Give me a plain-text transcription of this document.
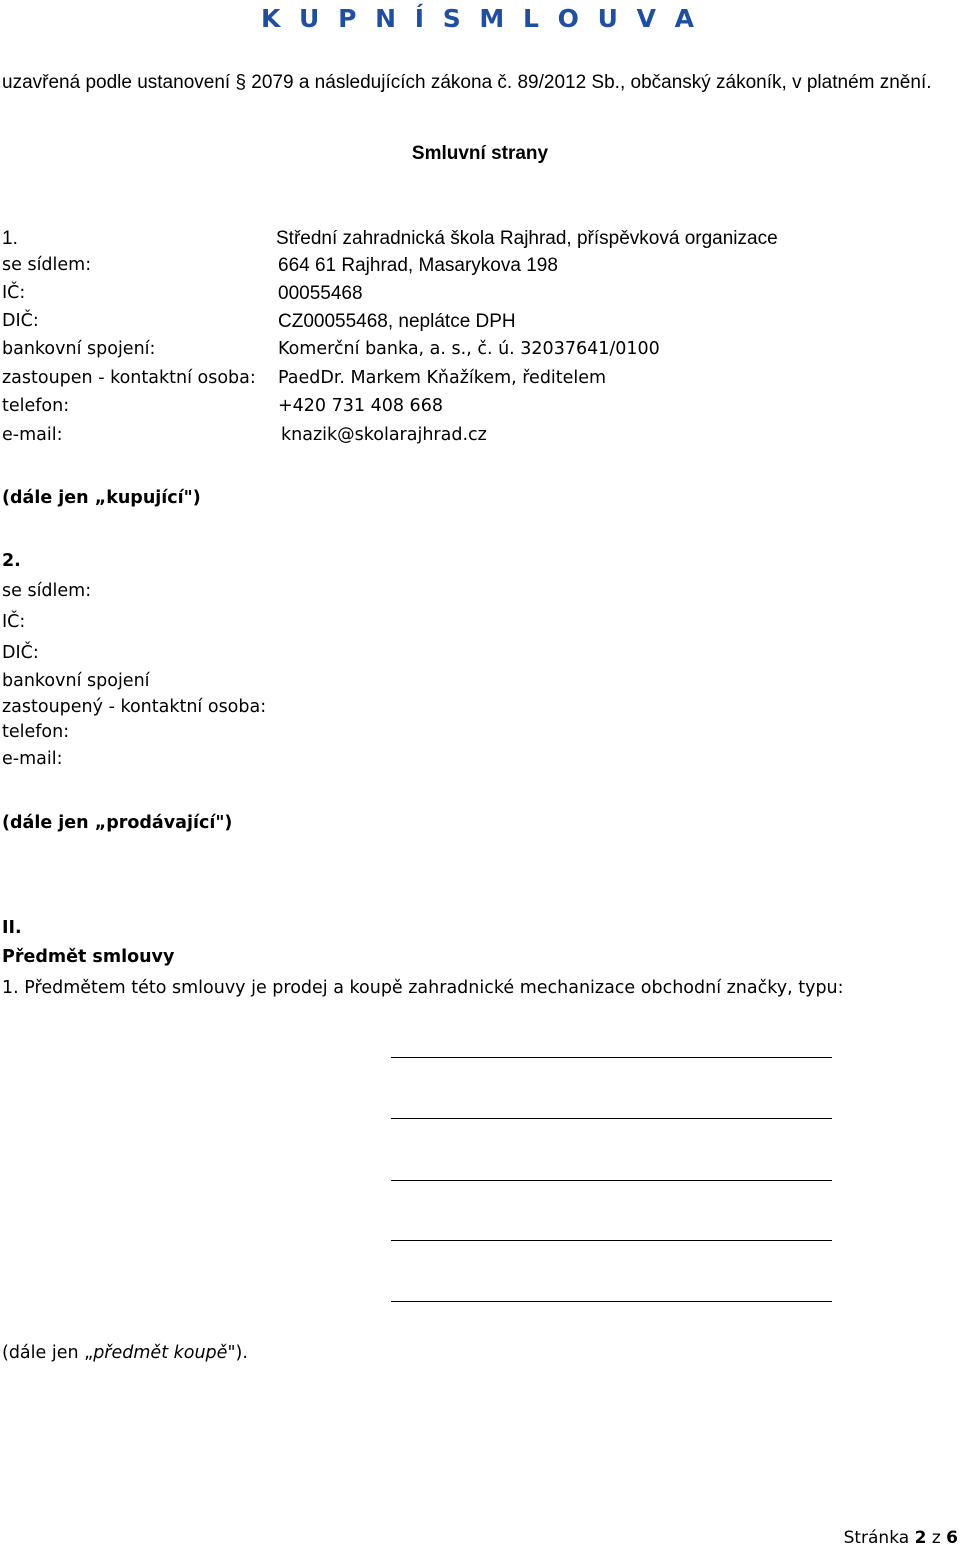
K U P N Í S M L O U V A
uzavřená podle ustanovení § 2079 a následujících zákona č. 89/2012 Sb., občanský zákoník, v platném znění.
Smluvní strany
1.	Střední zahradnická škola Rajhrad, příspěvková organizace
se sídlem:	664 61 Rajhrad, Masarykova 198
IČ:	00055468
DIČ:	CZ00055468, neplátce DPH
bankovní spojení:	Komerční banka, a. s., č. ú. 32037641/0100
zastoupen - kontaktní osoba: PaedDr. Markem Kňažíkem, ředitelem
telefon:	+420 731 408 668
e-mail:	knazik@skolarajhrad.cz
(dále jen „kupující")
2.
se sídlem:
IČ:
DIČ:
bankovní spojení
zastoupený - kontaktní osoba:
telefon:
e-mail:
(dále jen „prodávající")
II.
Předmět smlouvy
1. Předmětem této smlouvy je prodej a koupě zahradnické mechanizace obchodní značky, typu:
(dále jen „předmět koupě").
Stránka 2 z 6
